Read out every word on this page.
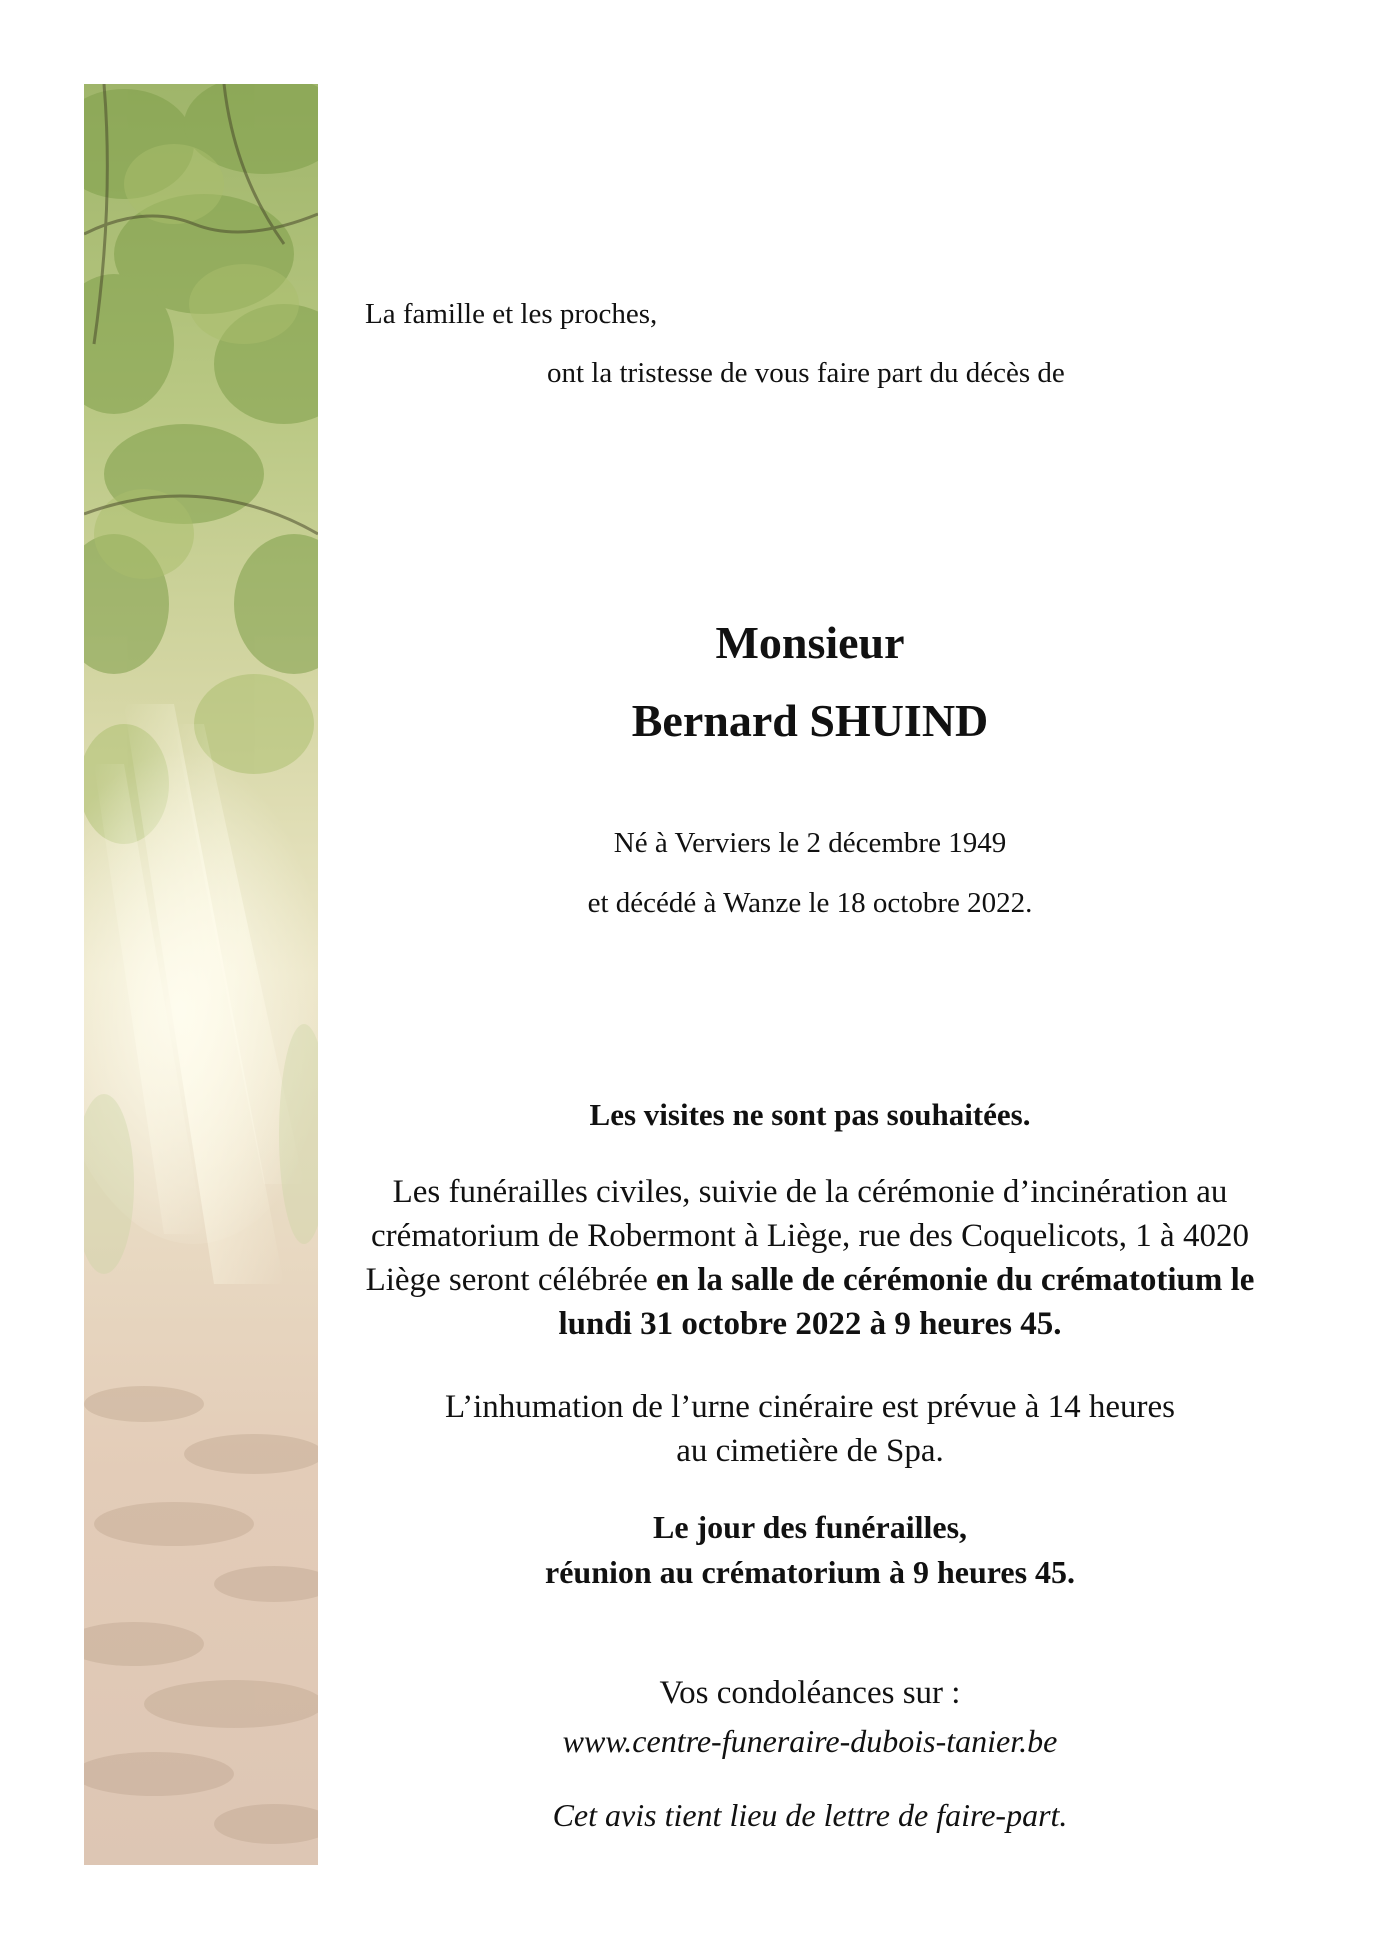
La famille et les proches,
ont la tristesse de vous faire part du décès de
Monsieur
Bernard SHUIND
Né à Verviers le 2 décembre 1949
et décédé à Wanze le 18 octobre 2022.
Les visites ne sont pas souhaitées.
Les funérailles civiles, suivie de la cérémonie d’incinération au crématorium de Robermont à Liège, rue des Coquelicots, 1 à 4020 Liège seront célébrée en la salle de cérémonie du crématotium le lundi 31 octobre 2022 à 9 heures 45.
L’inhumation de l’urne cinéraire est prévue à 14 heures
au cimetière de Spa.
Le jour des funérailles,
réunion au crématorium à 9 heures 45.
Vos condoléances sur :
www.centre-funeraire-dubois-tanier.be
Cet avis tient lieu de lettre de faire-part.
